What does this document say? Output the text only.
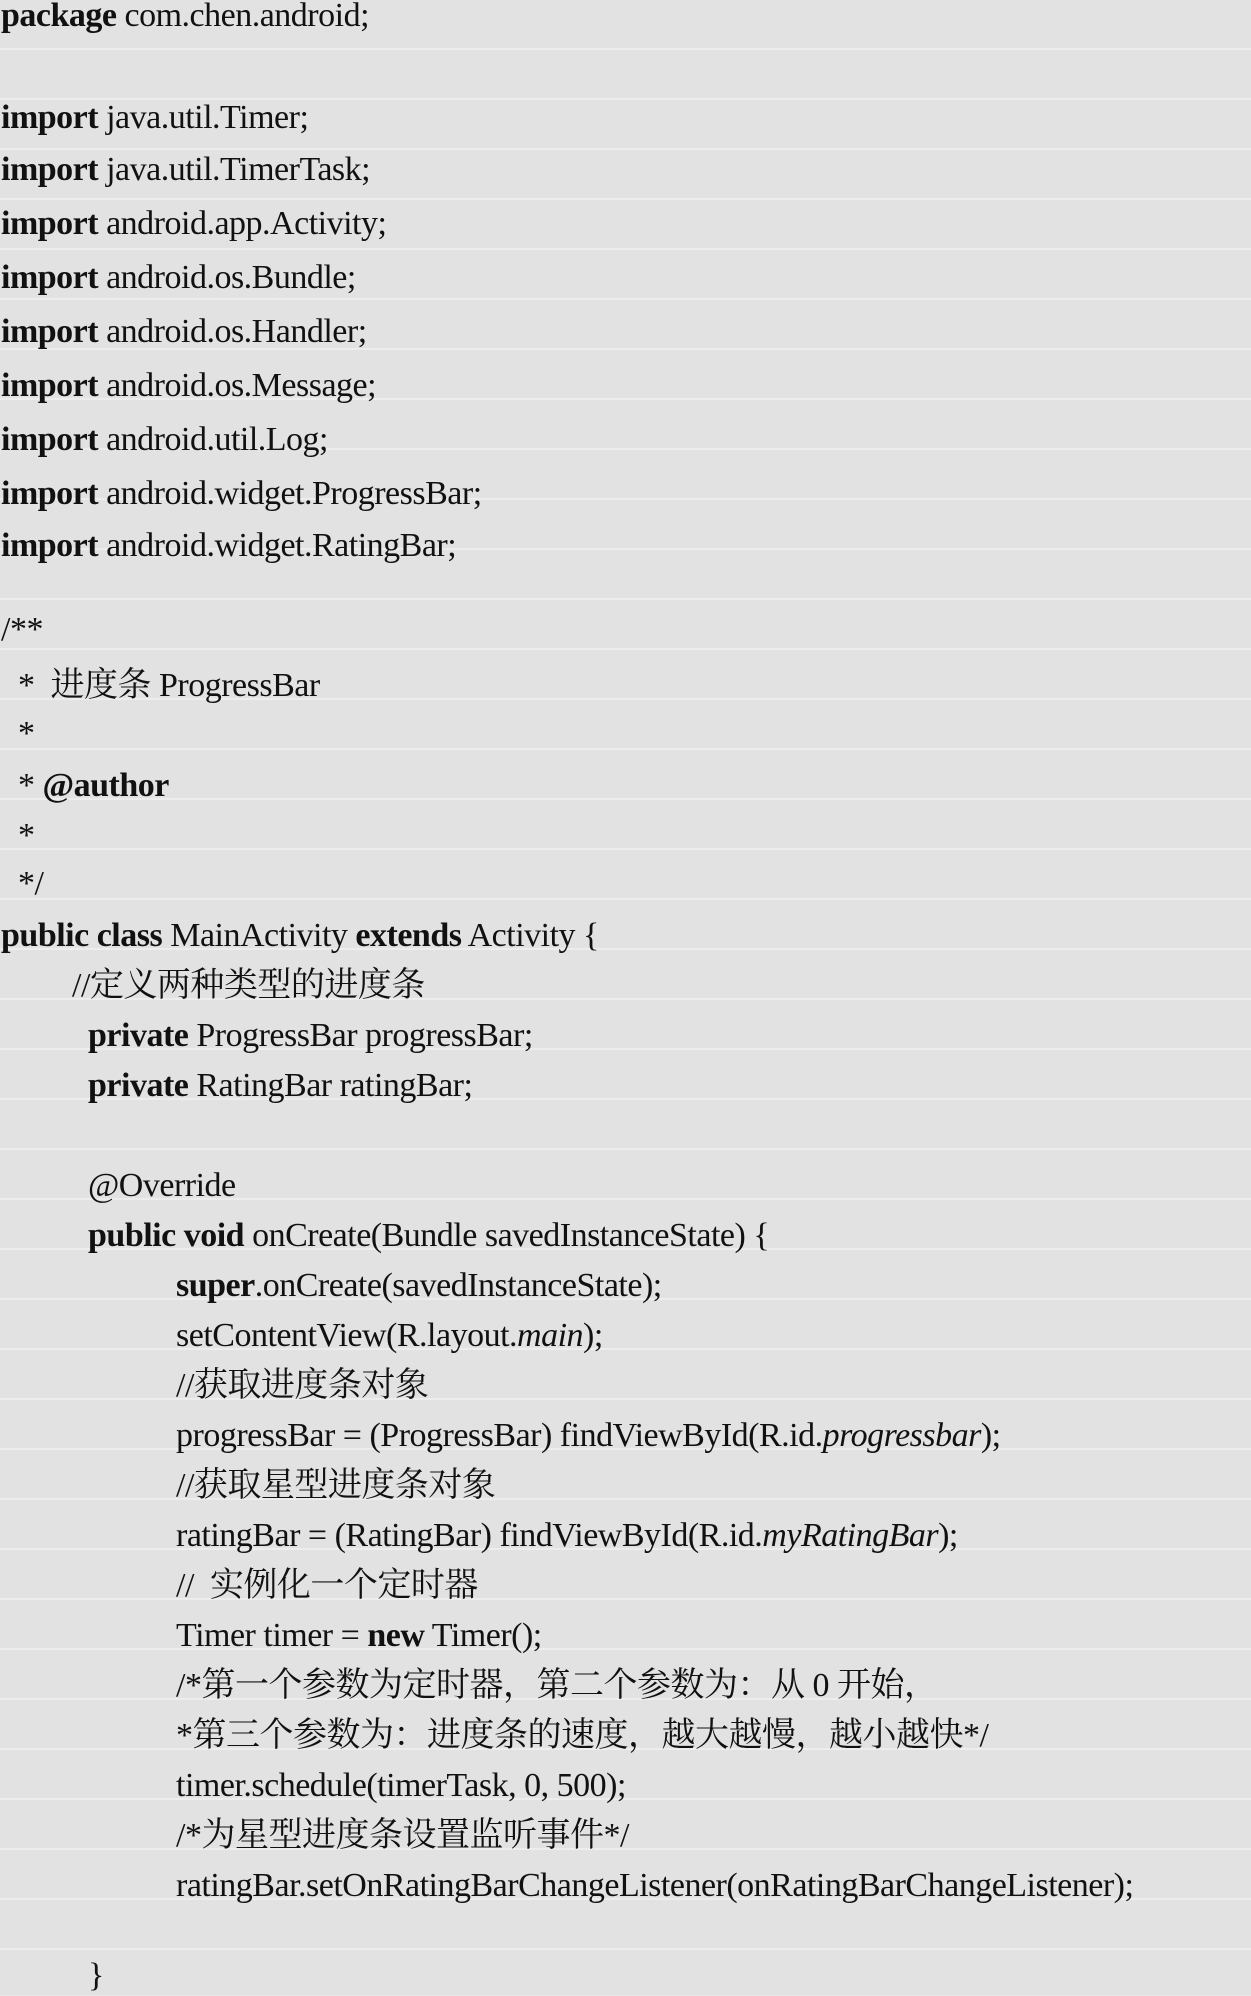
package com.chen.android;
import java.util.Timer;
import java.util.TimerTask;
import android.app.Activity;
import android.os.Bundle;
import android.os.Handler;
import android.os.Message;
import android.util.Log;
import android.widget.ProgressBar;
import android.widget.RatingBar;
/**
*  进度条 ProgressBar
*
* @author
*
*/
public class MainActivity extends Activity {
//定义两种类型的进度条
private ProgressBar progressBar;
private RatingBar ratingBar;
@Override
public void onCreate(Bundle savedInstanceState) {
super.onCreate(savedInstanceState);
setContentView(R.layout.main);
//获取进度条对象
progressBar = (ProgressBar) findViewById(R.id.progressbar);
//获取星型进度条对象
ratingBar = (RatingBar) findViewById(R.id.myRatingBar);
//  实例化一个定时器
Timer timer = new Timer();
/*第一个参数为定时器，第二个参数为：从 0 开始，
*第三个参数为：进度条的速度，越大越慢，越小越快*/
timer.schedule(timerTask, 0, 500);
/*为星型进度条设置监听事件*/
ratingBar.setOnRatingBarChangeListener(onRatingBarChangeListener);
}
